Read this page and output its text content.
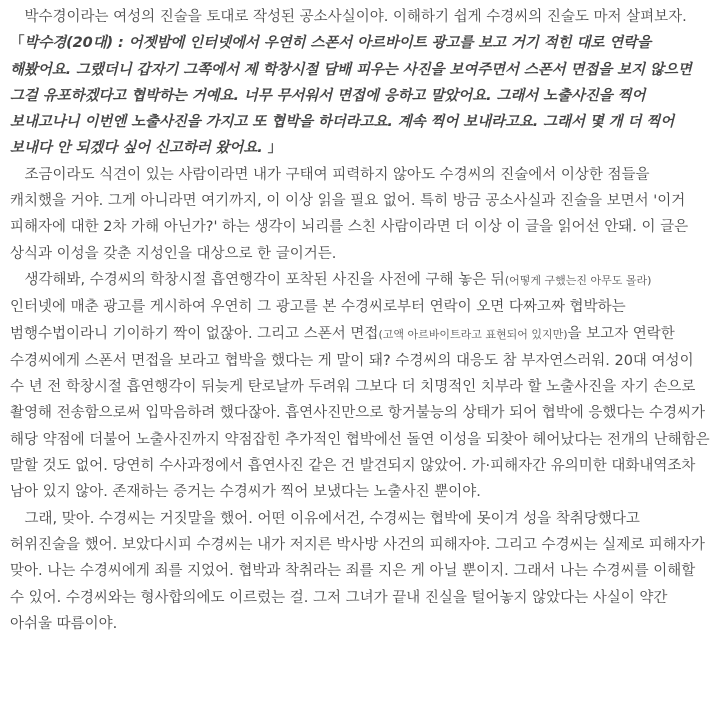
　박수경이라는 여성의 진술을 토대로 작성된 공소사실이야. 이해하기 쉽게 수경씨의 진술도 마저 살펴보자.

「박수경(20대) : 어젯밤에 인터넷에서 우연히 스폰서 아르바이트 광고를 보고 거기 적힌 대로 연락을 해봤어요. 그랬더니 갑자기 그쪽에서 제 학창시절 담배 피우는 사진을 보여주면서 스폰서 면접을 보지 않으면 그걸 유포하겠다고 협박하는 거예요. 너무 무서워서 면접에 응하고 말았어요. 그래서 노출사진을 찍어 보내고나니 이번엔 노출사진을 가지고 또 협박을 하더라고요. 계속 찍어 보내라고요. 그래서 몇 개 더 찍어 보내다 안 되겠다 싶어 신고하러 왔어요. 」

　조금이라도 식견이 있는 사람이라면 내가 구태여 피력하지 않아도 수경씨의 진술에서 이상한 점들을 캐치했을 거야. 그게 아니라면 여기까지, 이 이상 읽을 필요 없어. 특히 방금 공소사실과 진술을 보면서 '이거 피해자에 대한 2차 가해 아닌가?' 하는 생각이 뇌리를 스친 사람이라면 더 이상 이 글을 읽어선 안돼. 이 글은 상식과 이성을 갖춘 지성인을 대상으로 한 글이거든.

　생각해봐, 수경씨의 학창시절 흡연행각이 포착된 사진을 사전에 구해 놓은 뒤(어떻게 구했는진 아무도 몰라) 인터넷에 매춘 광고를 게시하여 우연히 그 광고를 본 수경씨로부터 연락이 오면 다짜고짜 협박하는 범행수법이라니 기이하기 짝이 없잖아. 그리고 스폰서 면접(고액 아르바이트라고 표현되어 있지만)을 보고자 연락한 수경씨에게 스폰서 면접을 보라고 협박을 했다는 게 말이 돼? 수경씨의 대응도 참 부자연스러워. 20대 여성이 수 년 전 학창시절 흡연행각이 뒤늦게 탄로날까 두려워 그보다 더 치명적인 치부라 할 노출사진을 자기 손으로 촬영해 전송함으로써 입막음하려 했다잖아. 흡연사진만으로 항거불능의 상태가 되어 협박에 응했다는 수경씨가 해당 약점에 더불어 노출사진까지 약점잡힌 추가적인 협박에선 돌연 이성을 되찾아 헤어났다는 전개의 난해함은 말할 것도 없어. 당연히 수사과정에서 흡연사진 같은 건 발견되지 않았어. 가·피해자간 유의미한 대화내역조차 남아 있지 않아. 존재하는 증거는 수경씨가 찍어 보냈다는 노출사진 뿐이야.

　그래, 맞아. 수경씨는 거짓말을 했어. 어떤 이유에서건, 수경씨는 협박에 못이겨 성을 착취당했다고 허위진술을 했어. 보았다시피 수경씨는 내가 저지른 박사방 사건의 피해자야. 그리고 수경씨는 실제로 피해자가 맞아. 나는 수경씨에게 죄를 지었어. 협박과 착취라는 죄를 지은 게 아닐 뿐이지. 그래서 나는 수경씨를 이해할 수 있어. 수경씨와는 형사합의에도 이르렀는 걸. 그저 그녀가 끝내 진실을 털어놓지 않았다는 사실이 약간 아쉬울 따름이야.
